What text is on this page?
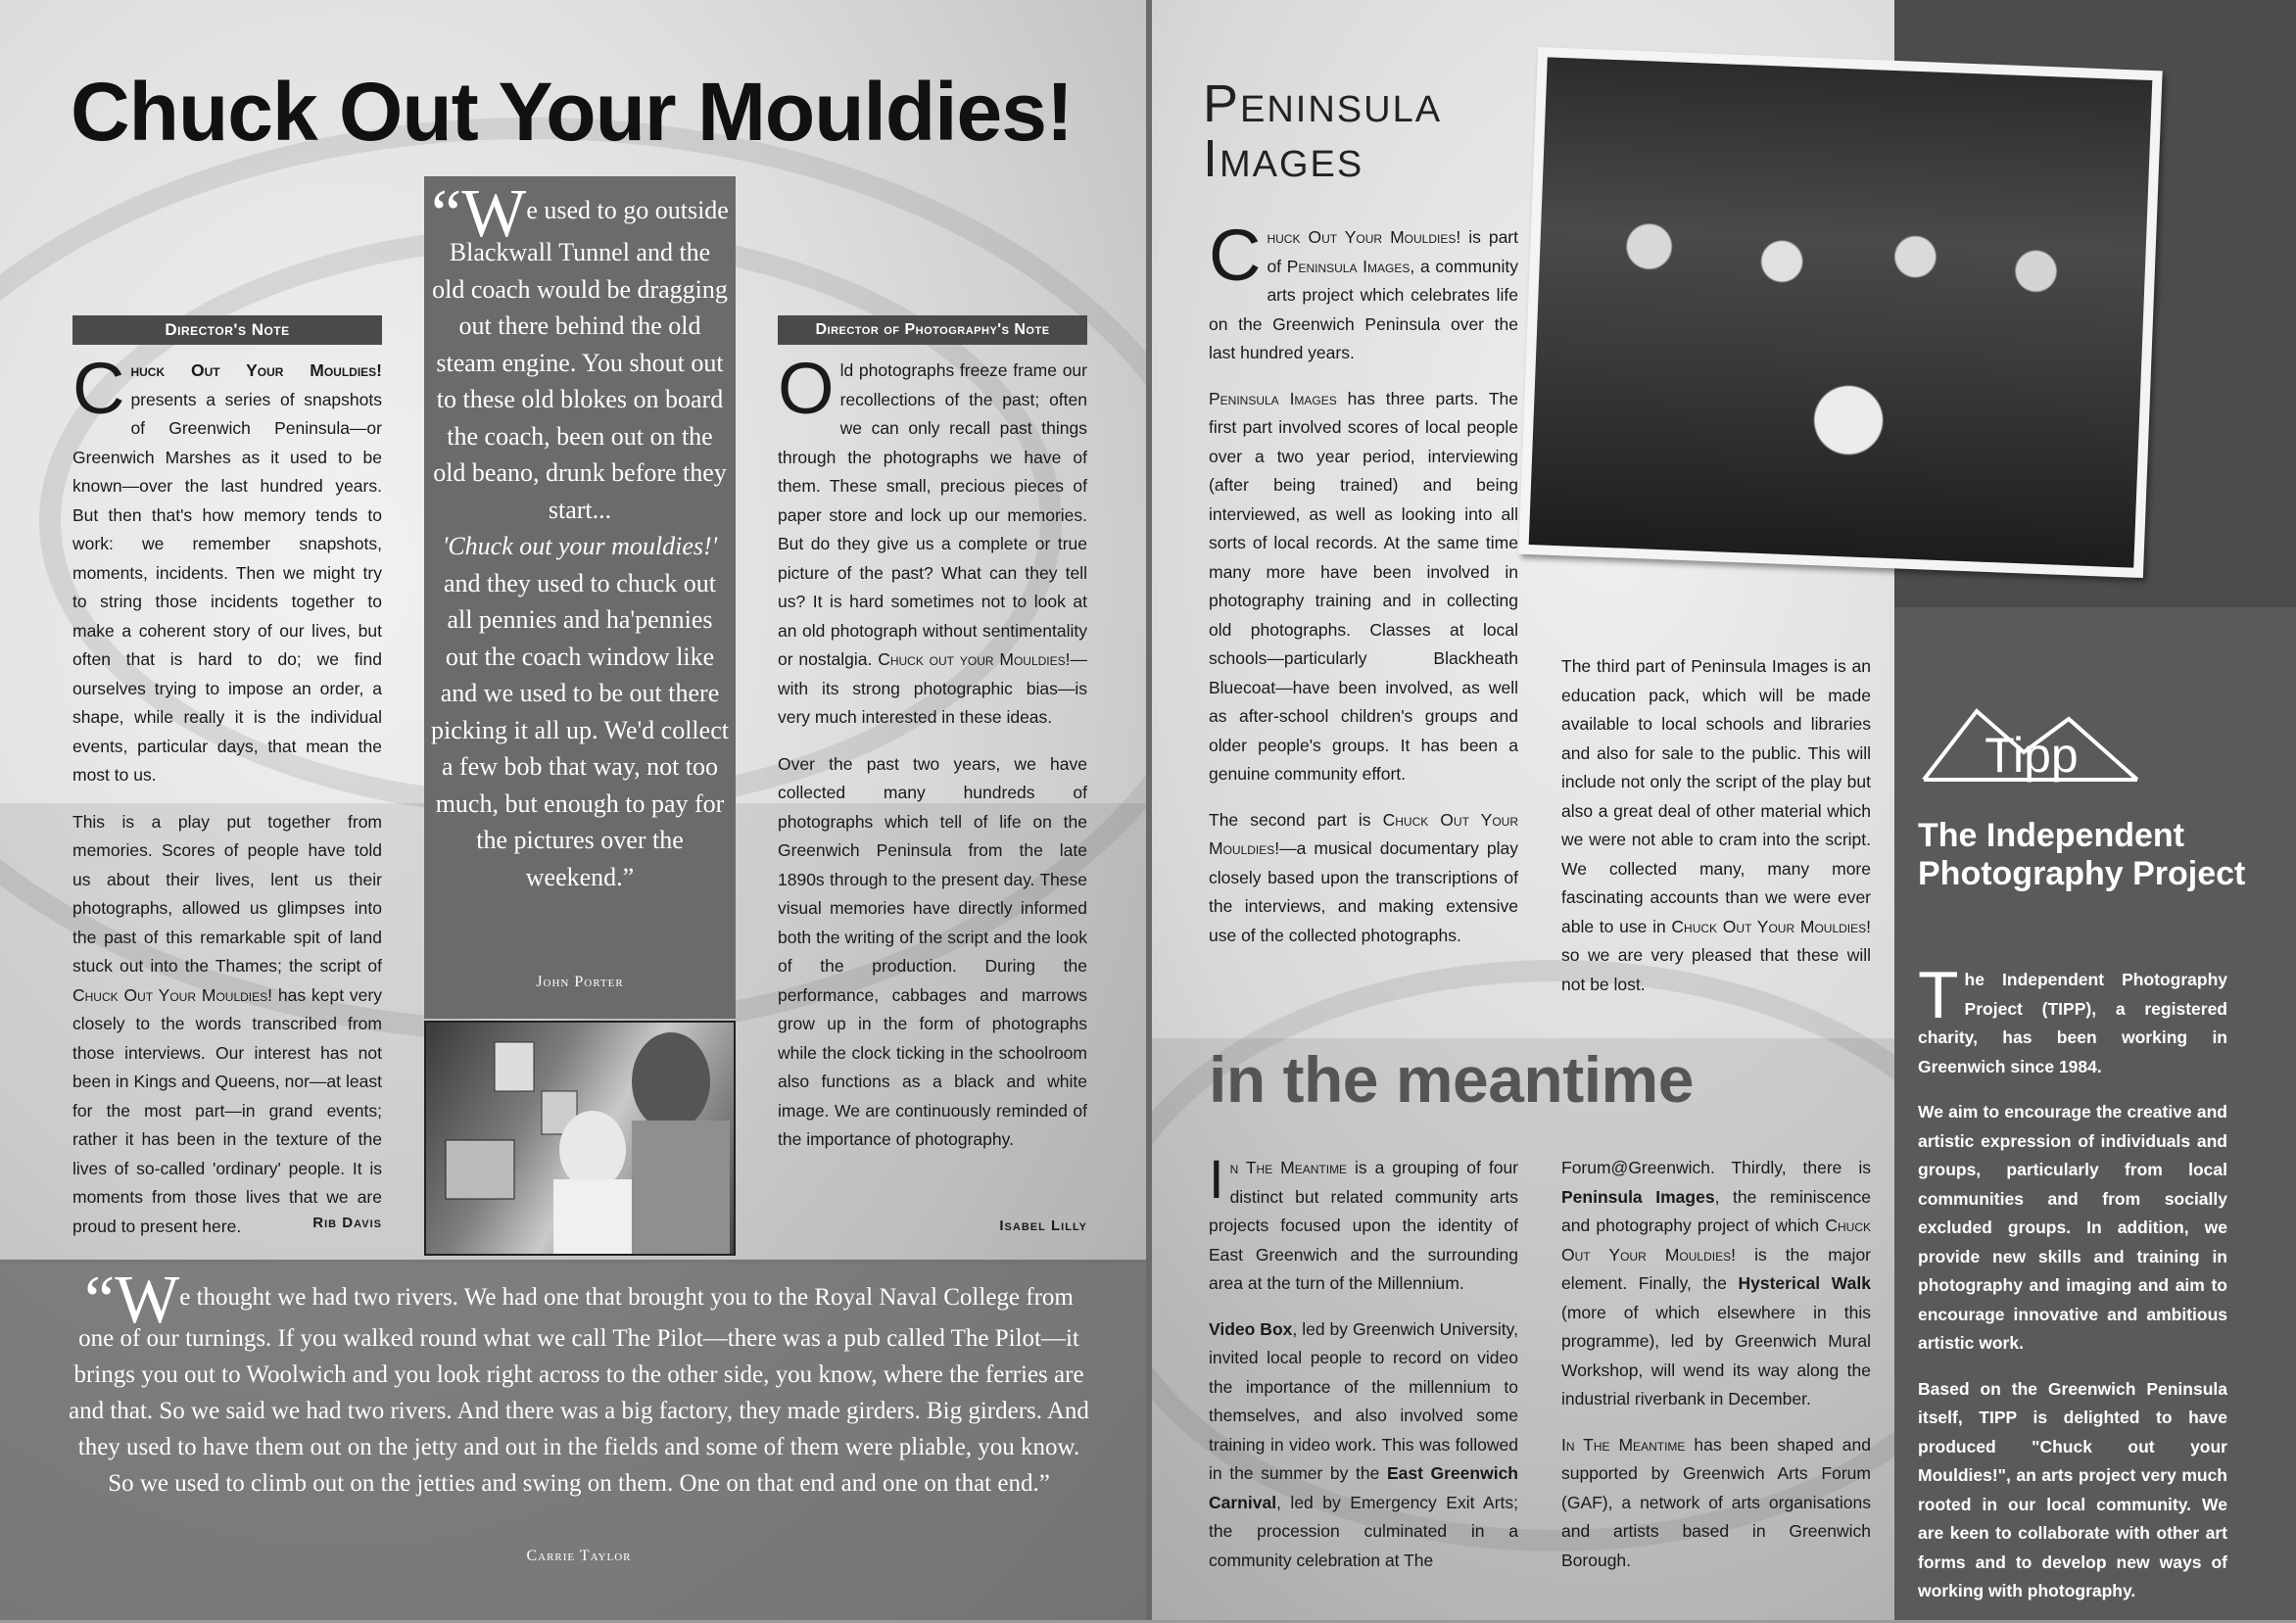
Chuck Out Your Mouldies!
Director's Note

Chuck Out Your Mouldies! presents a series of snapshots of Greenwich Peninsula—or Greenwich Marshes as it used to be known—over the last hundred years. But then that's how memory tends to work: we remember snapshots, moments, incidents. Then we might try to string those incidents together to make a coherent story of our lives, but often that is hard to do; we find ourselves trying to impose an order, a shape, while really it is the individual events, particular days, that mean the most to us.

This is a play put together from memories. Scores of people have told us about their lives, lent us their photographs, allowed us glimpses into the past of this remarkable spit of land stuck out into the Thames; the script of Chuck Out Your Mouldies! has kept very closely to the words transcribed from those interviews. Our interest has not been in Kings and Queens, nor—at least for the most part—in grand events; rather it has been in the texture of the lives of so-called 'ordinary' people. It is moments from those lives that we are proud to present here.	Rib Davis

“We used to go outside Blackwall Tunnel and the old coach would be dragging out there behind the old steam engine. You shout out to these old blokes on board the coach, been out on the old beano, drunk before they start...
'Chuck out your mouldies!' and they used to chuck out all pennies and ha'pennies out the coach window like and we used to be out there picking it all up. We'd collect a few bob that way, not too much, but enough to pay for the pictures over the weekend.”

John Porter
Director of Photography's Note

Old photographs freeze frame our recollections of the past; often we can only recall past things through the photographs we have of them. These small, precious pieces of paper store and lock up our memories. But do they give us a complete or true picture of the past? What can they tell us? It is hard sometimes not to look at an old photograph without sentimentality or nostalgia. Chuck out your Mouldies!—with its strong photographic bias—is very much interested in these ideas.

Over the past two years, we have collected many hundreds of photographs which tell of life on the Greenwich Peninsula from the late 1890s through to the present day. These visual memories have directly informed both the writing of the script and the look of the production. During the performance, cabbages and marrows grow up in the form of photographs while the clock ticking in the schoolroom also functions as a black and white image. We are continuously reminded of the importance of photography.

Isabel Lilly

“We thought we had two rivers. We had one that brought you to the Royal Naval College from one of our turnings. If you walked round what we call The Pilot—there was a pub called The Pilot—it brings you out to Woolwich and you look right across to the other side, you know, where the ferries are and that. So we said we had two rivers. And there was a big factory, they made girders. Big girders. And they used to have them out on the jetty and out in the fields and some of them were pliable, you know. So we used to climb out on the jetties and swing on them. One on that end and one on that end.”

Carrie Taylor
Peninsula
Images

Chuck Out Your Mouldies! is part of Peninsula Images, a community arts project which celebrates life on the Greenwich Peninsula over the last hundred years.

Peninsula Images has three parts. The first part involved scores of local people over a two year period, interviewing (after being trained) and being interviewed, as well as looking into all sorts of local records. At the same time many more have been involved in photography training and in collecting old photographs. Classes at local schools—particularly Blackheath Bluecoat—have been involved, as well as after-school children's groups and older people's groups. It has been a genuine community effort.

The second part is Chuck Out Your Mouldies!—a musical documentary play closely based upon the transcriptions of the interviews, and making extensive use of the collected photographs.

The third part of Peninsula Images is an education pack, which will be made available to local schools and libraries and also for sale to the public. This will include not only the script of the play but also a great deal of other material which we were not able to cram into the script. We collected many, many more fascinating accounts than we were ever able to use in Chuck Out Your Mouldies! so we are very pleased that these will not be lost.

in the meantime

In The Meantime is a grouping of four distinct but related community arts projects focused upon the identity of East Greenwich and the surrounding area at the turn of the Millennium.

Video Box, led by Greenwich University, invited local people to record on video the importance of the millennium to themselves, and also involved some training in video work. This was followed in the summer by the East Greenwich Carnival, led by Emergency Exit Arts; the procession culminated in a community celebration at The

Forum@Greenwich. Thirdly, there is Peninsula Images, the reminiscence and photography project of which Chuck Out Your Mouldies! is the major element. Finally, the Hysterical Walk (more of which elsewhere in this programme), led by Greenwich Mural Workshop, will wend its way along the industrial riverbank in December.

In The Meantime has been shaped and supported by Greenwich Arts Forum (GAF), a network of arts organisations and artists based in Greenwich Borough.

Tipp
The Independent Photography Project

The Independent Photography Project (TIPP), a registered charity, has been working in Greenwich since 1984.

We aim to encourage the creative and artistic expression of individuals and groups, particularly from local communities and from socially excluded groups. In addition, we provide new skills and training in photography and imaging and aim to encourage innovative and ambitious artistic work.

Based on the Greenwich Peninsula itself, TIPP is delighted to have produced "Chuck out your Mouldies!", an arts project very much rooted in our local community. We are keen to collaborate with other art forms and to develop new ways of working with photography.
